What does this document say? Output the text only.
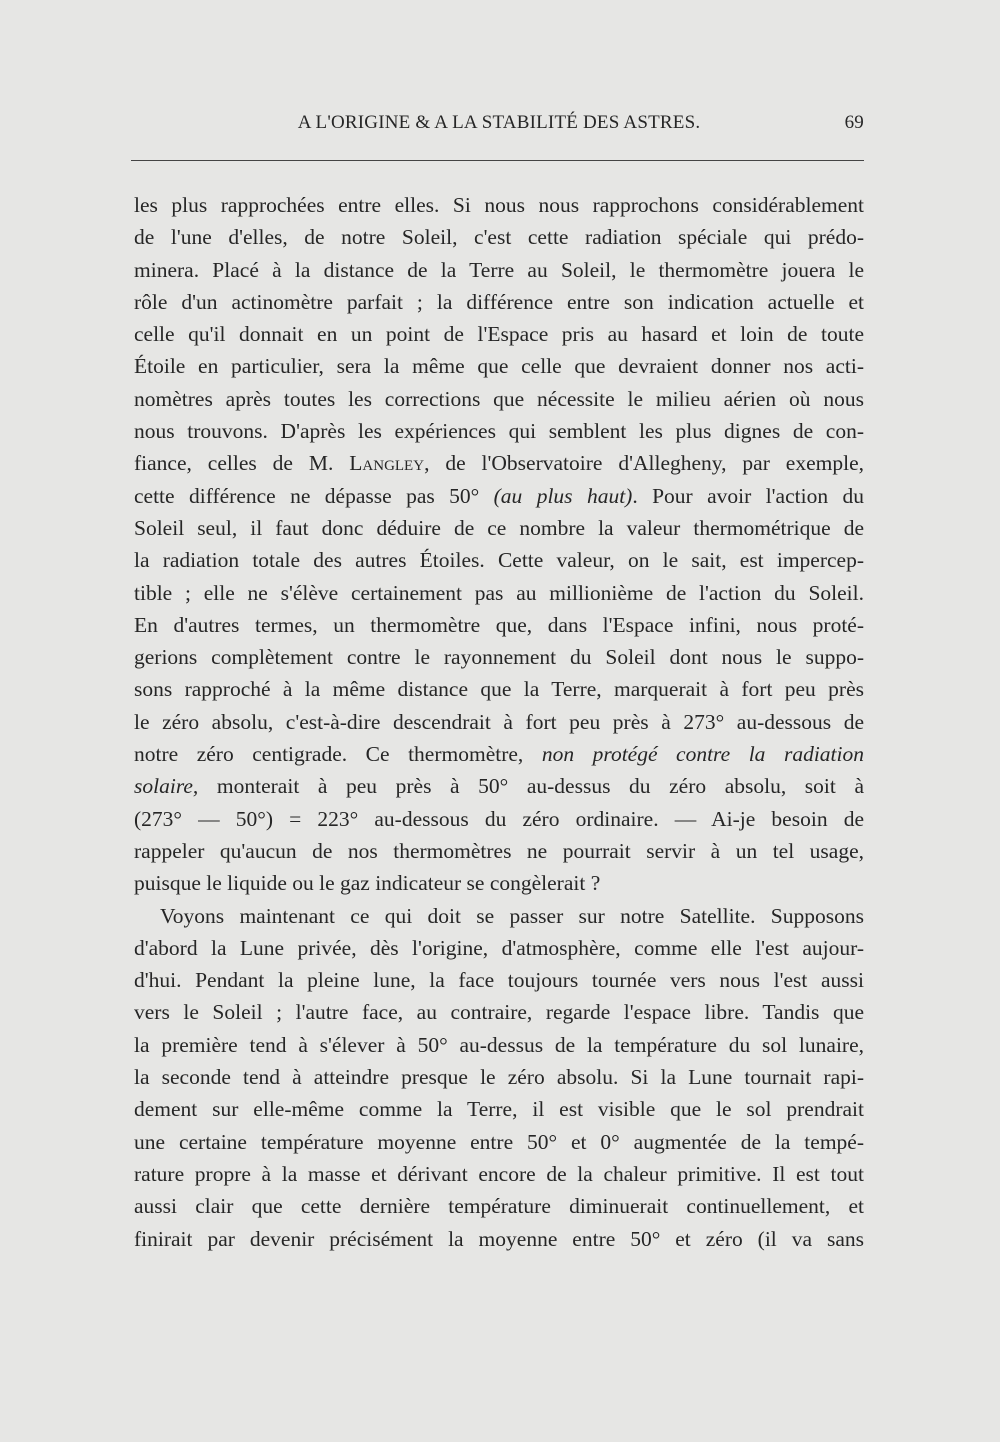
A L'ORIGINE & A LA STABILITÉ DES ASTRES.	69
les plus rapprochées entre elles. Si nous nous rapprochons considérablement
de l'une d'elles, de notre Soleil, c'est cette radiation spéciale qui prédo-
minera. Placé à la distance de la Terre au Soleil, le thermomètre jouera le
rôle d'un actinomètre parfait ; la différence entre son indication actuelle et
celle qu'il donnait en un point de l'Espace pris au hasard et loin de toute
Étoile en particulier, sera la même que celle que devraient donner nos acti-
nomètres après toutes les corrections que nécessite le milieu aérien où nous
nous trouvons. D'après les expériences qui semblent les plus dignes de con-
fiance, celles de M. Langley, de l'Observatoire d'Allegheny, par exemple,
cette différence ne dépasse pas 50° (au plus haut). Pour avoir l'action du
Soleil seul, il faut donc déduire de ce nombre la valeur thermométrique de
la radiation totale des autres Étoiles. Cette valeur, on le sait, est impercep-
tible ; elle ne s'élève certainement pas au millionième de l'action du Soleil.
En d'autres termes, un thermomètre que, dans l'Espace infini, nous proté-
gerions complètement contre le rayonnement du Soleil dont nous le suppo-
sons rapproché à la même distance que la Terre, marquerait à fort peu près
le zéro absolu, c'est-à-dire descendrait à fort peu près à 273° au-dessous de
notre zéro centigrade. Ce thermomètre, non protégé contre la radiation
solaire, monterait à peu près à 50° au-dessus du zéro absolu, soit à
(273° — 50°) = 223° au-dessous du zéro ordinaire. — Ai-je besoin de
rappeler qu'aucun de nos thermomètres ne pourrait servir à un tel usage,
puisque le liquide ou le gaz indicateur se congèlerait ?
Voyons maintenant ce qui doit se passer sur notre Satellite. Supposons
d'abord la Lune privée, dès l'origine, d'atmosphère, comme elle l'est aujour-
d'hui. Pendant la pleine lune, la face toujours tournée vers nous l'est aussi
vers le Soleil ; l'autre face, au contraire, regarde l'espace libre. Tandis que
la première tend à s'élever à 50° au-dessus de la température du sol lunaire,
la seconde tend à atteindre presque le zéro absolu. Si la Lune tournait rapi-
dement sur elle-même comme la Terre, il est visible que le sol prendrait
une certaine température moyenne entre 50° et 0° augmentée de la tempé-
rature propre à la masse et dérivant encore de la chaleur primitive. Il est tout
aussi clair que cette dernière température diminuerait continuellement, et
finirait par devenir précisément la moyenne entre 50° et zéro (il va sans
